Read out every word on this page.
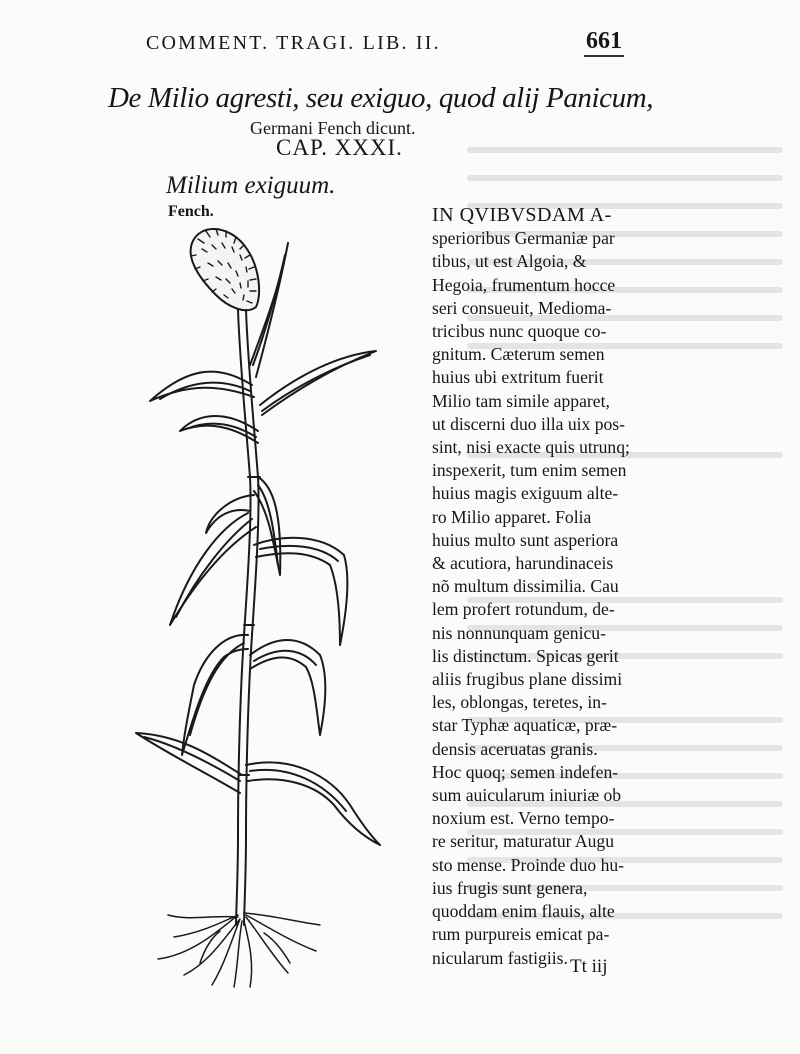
COMMENT. TRAGI. LIB. II.	661
De Milio agresti, seu exiguo, quod alij Panicum,
Germani Fench dicunt.
CAP. XXXI.
Milium exiguum.
Fench.	IN QVIBVSDAM A-
sperioribus Germaniæ par
tibus, ut est Algoia, &
Hegoia, frumentum hocce
seri consueuit, Medioma-
tricibus nunc quoque co-
gnitum. Cæterum semen
huius ubi extritum fuerit
Milio tam simile apparet,
ut discerni duo illa uix pos-
sint, nisi exacte quis utrunq;
inspexerit, tum enim semen
huius magis exiguum alte-
ro Milio apparet. Folia
huius multo sunt asperiora
& acutiora, harundinaceis
nõ multum dissimilia. Cau
lem profert rotundum, de-
nis nonnunquam genicu-
lis distinctum. Spicas gerit
aliis frugibus plane dissimi
les, oblongas, teretes, in-
star Typhæ aquaticæ, præ-
densis aceruatas granis.
Hoc quoq; semen indefen-
sum auicularum iniuriæ ob
noxium est. Verno tempo-
re seritur, maturatur Augu
sto mense. Proinde duo hu-
ius frugis sunt genera,
quoddam enim flauis, alte
rum purpureis emicat pa-
nicularum fastigiis. Tt iij
